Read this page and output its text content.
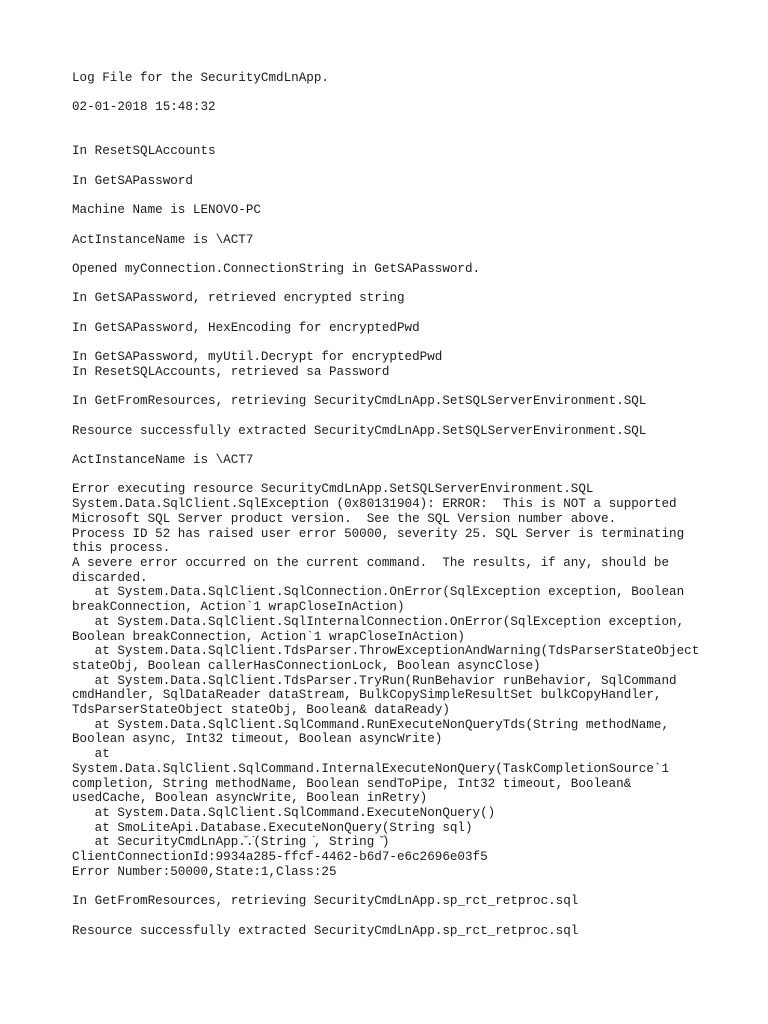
Log File for the SecurityCmdLnApp.
02-01-2018 15:48:32
In ResetSQLAccounts
In GetSAPassword
Machine Name is LENOVO-PC
ActInstanceName is \ACT7
Opened myConnection.ConnectionString in GetSAPassword.
In GetSAPassword, retrieved encrypted string
In GetSAPassword, HexEncoding for encryptedPwd
In GetSAPassword, myUtil.Decrypt for encryptedPwd
In ResetSQLAccounts, retrieved sa Password
In GetFromResources, retrieving SecurityCmdLnApp.SetSQLServerEnvironment.SQL
Resource successfully extracted SecurityCmdLnApp.SetSQLServerEnvironment.SQL
ActInstanceName is \ACT7
Error executing resource SecurityCmdLnApp.SetSQLServerEnvironment.SQL
System.Data.SqlClient.SqlException (0x80131904): ERROR:  This is NOT a supported
Microsoft SQL Server product version.  See the SQL Version number above.
Process ID 52 has raised user error 50000, severity 25. SQL Server is terminating
this process.
A severe error occurred on the current command.  The results, if any, should be
discarded.
at System.Data.SqlClient.SqlConnection.OnError(SqlException exception, Boolean
breakConnection, Action`1 wrapCloseInAction)
at System.Data.SqlClient.SqlInternalConnection.OnError(SqlException exception,
Boolean breakConnection, Action`1 wrapCloseInAction)
at System.Data.SqlClient.TdsParser.ThrowExceptionAndWarning(TdsParserStateObject
stateObj, Boolean callerHasConnectionLock, Boolean asyncClose)
at System.Data.SqlClient.TdsParser.TryRun(RunBehavior runBehavior, SqlCommand
cmdHandler, SqlDataReader dataStream, BulkCopySimpleResultSet bulkCopyHandler,
TdsParserStateObject stateObj, Boolean& dataReady)
at System.Data.SqlClient.SqlCommand.RunExecuteNonQueryTds(String methodName,
Boolean async, Int32 timeout, Boolean asyncWrite)
at
System.Data.SqlClient.SqlCommand.InternalExecuteNonQuery(TaskCompletionSource`1
completion, String methodName, Boolean sendToPipe, Int32 timeout, Boolean&
usedCache, Boolean asyncWrite, Boolean inRetry)
at System.Data.SqlClient.SqlCommand.ExecuteNonQuery()
at SmoLiteApi.Database.ExecuteNonQuery(String sql)
at SecurityCmdLnApp.̆.̇(String ̇, String ̆)
ClientConnectionId:9934a285-ffcf-4462-b6d7-e6c2696e03f5
Error Number:50000,State:1,Class:25
In GetFromResources, retrieving SecurityCmdLnApp.sp_rct_retproc.sql
Resource successfully extracted SecurityCmdLnApp.sp_rct_retproc.sql
